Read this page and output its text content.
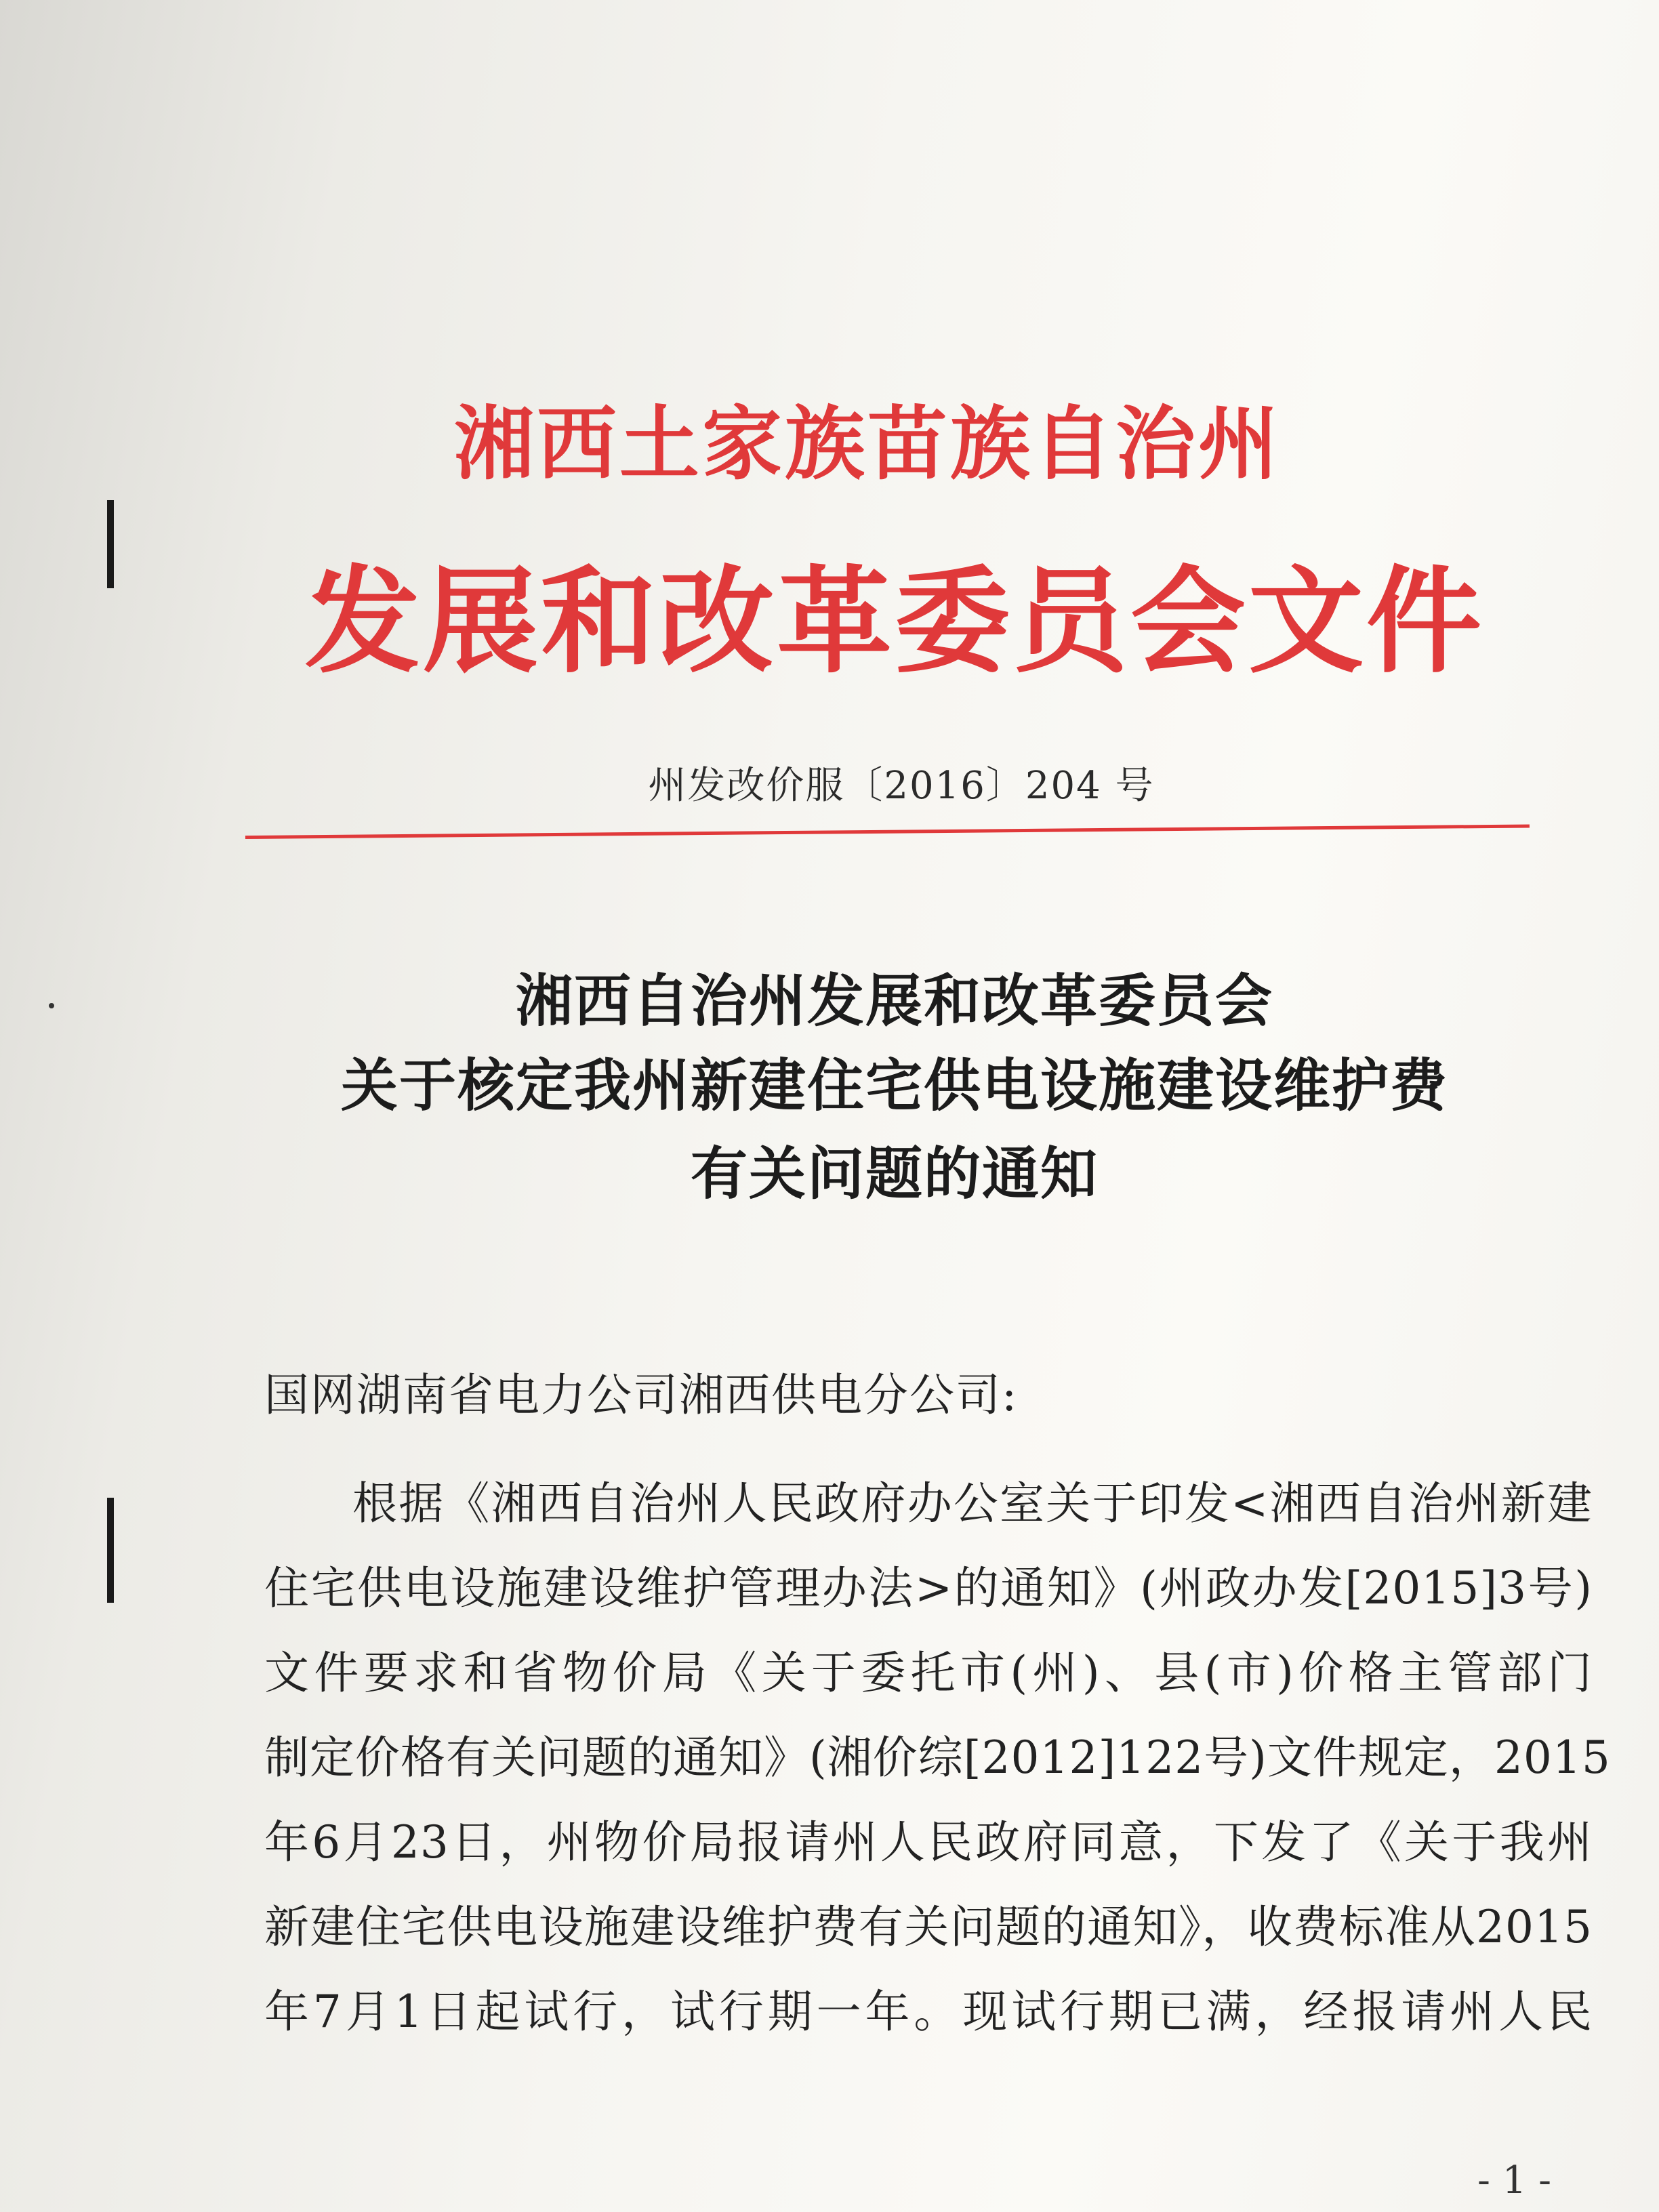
湘西土家族苗族自治州
发展和改革委员会文件
州发改价服〔2016〕204 号
湘西自治州发展和改革委员会
关于核定我州新建住宅供电设施建设维护费
有关问题的通知
国网湖南省电力公司湘西供电分公司:
根据《湘西自治州人民政府办公室关于印发<湘西自治州新建
住宅供电设施建设维护管理办法>的通知》(州政办发[2015]3号)
文件要求和省物价局《关于委托市(州)、县(市)价格主管部门
制定价格有关问题的通知》(湘价综[2012]122号)文件规定，2015
年6月23日，州物价局报请州人民政府同意，下发了《关于我州
新建住宅供电设施建设维护费有关问题的通知》，收费标准从2015
年7月1日起试行，试行期一年。现试行期已满，经报请州人民
- 1 -
